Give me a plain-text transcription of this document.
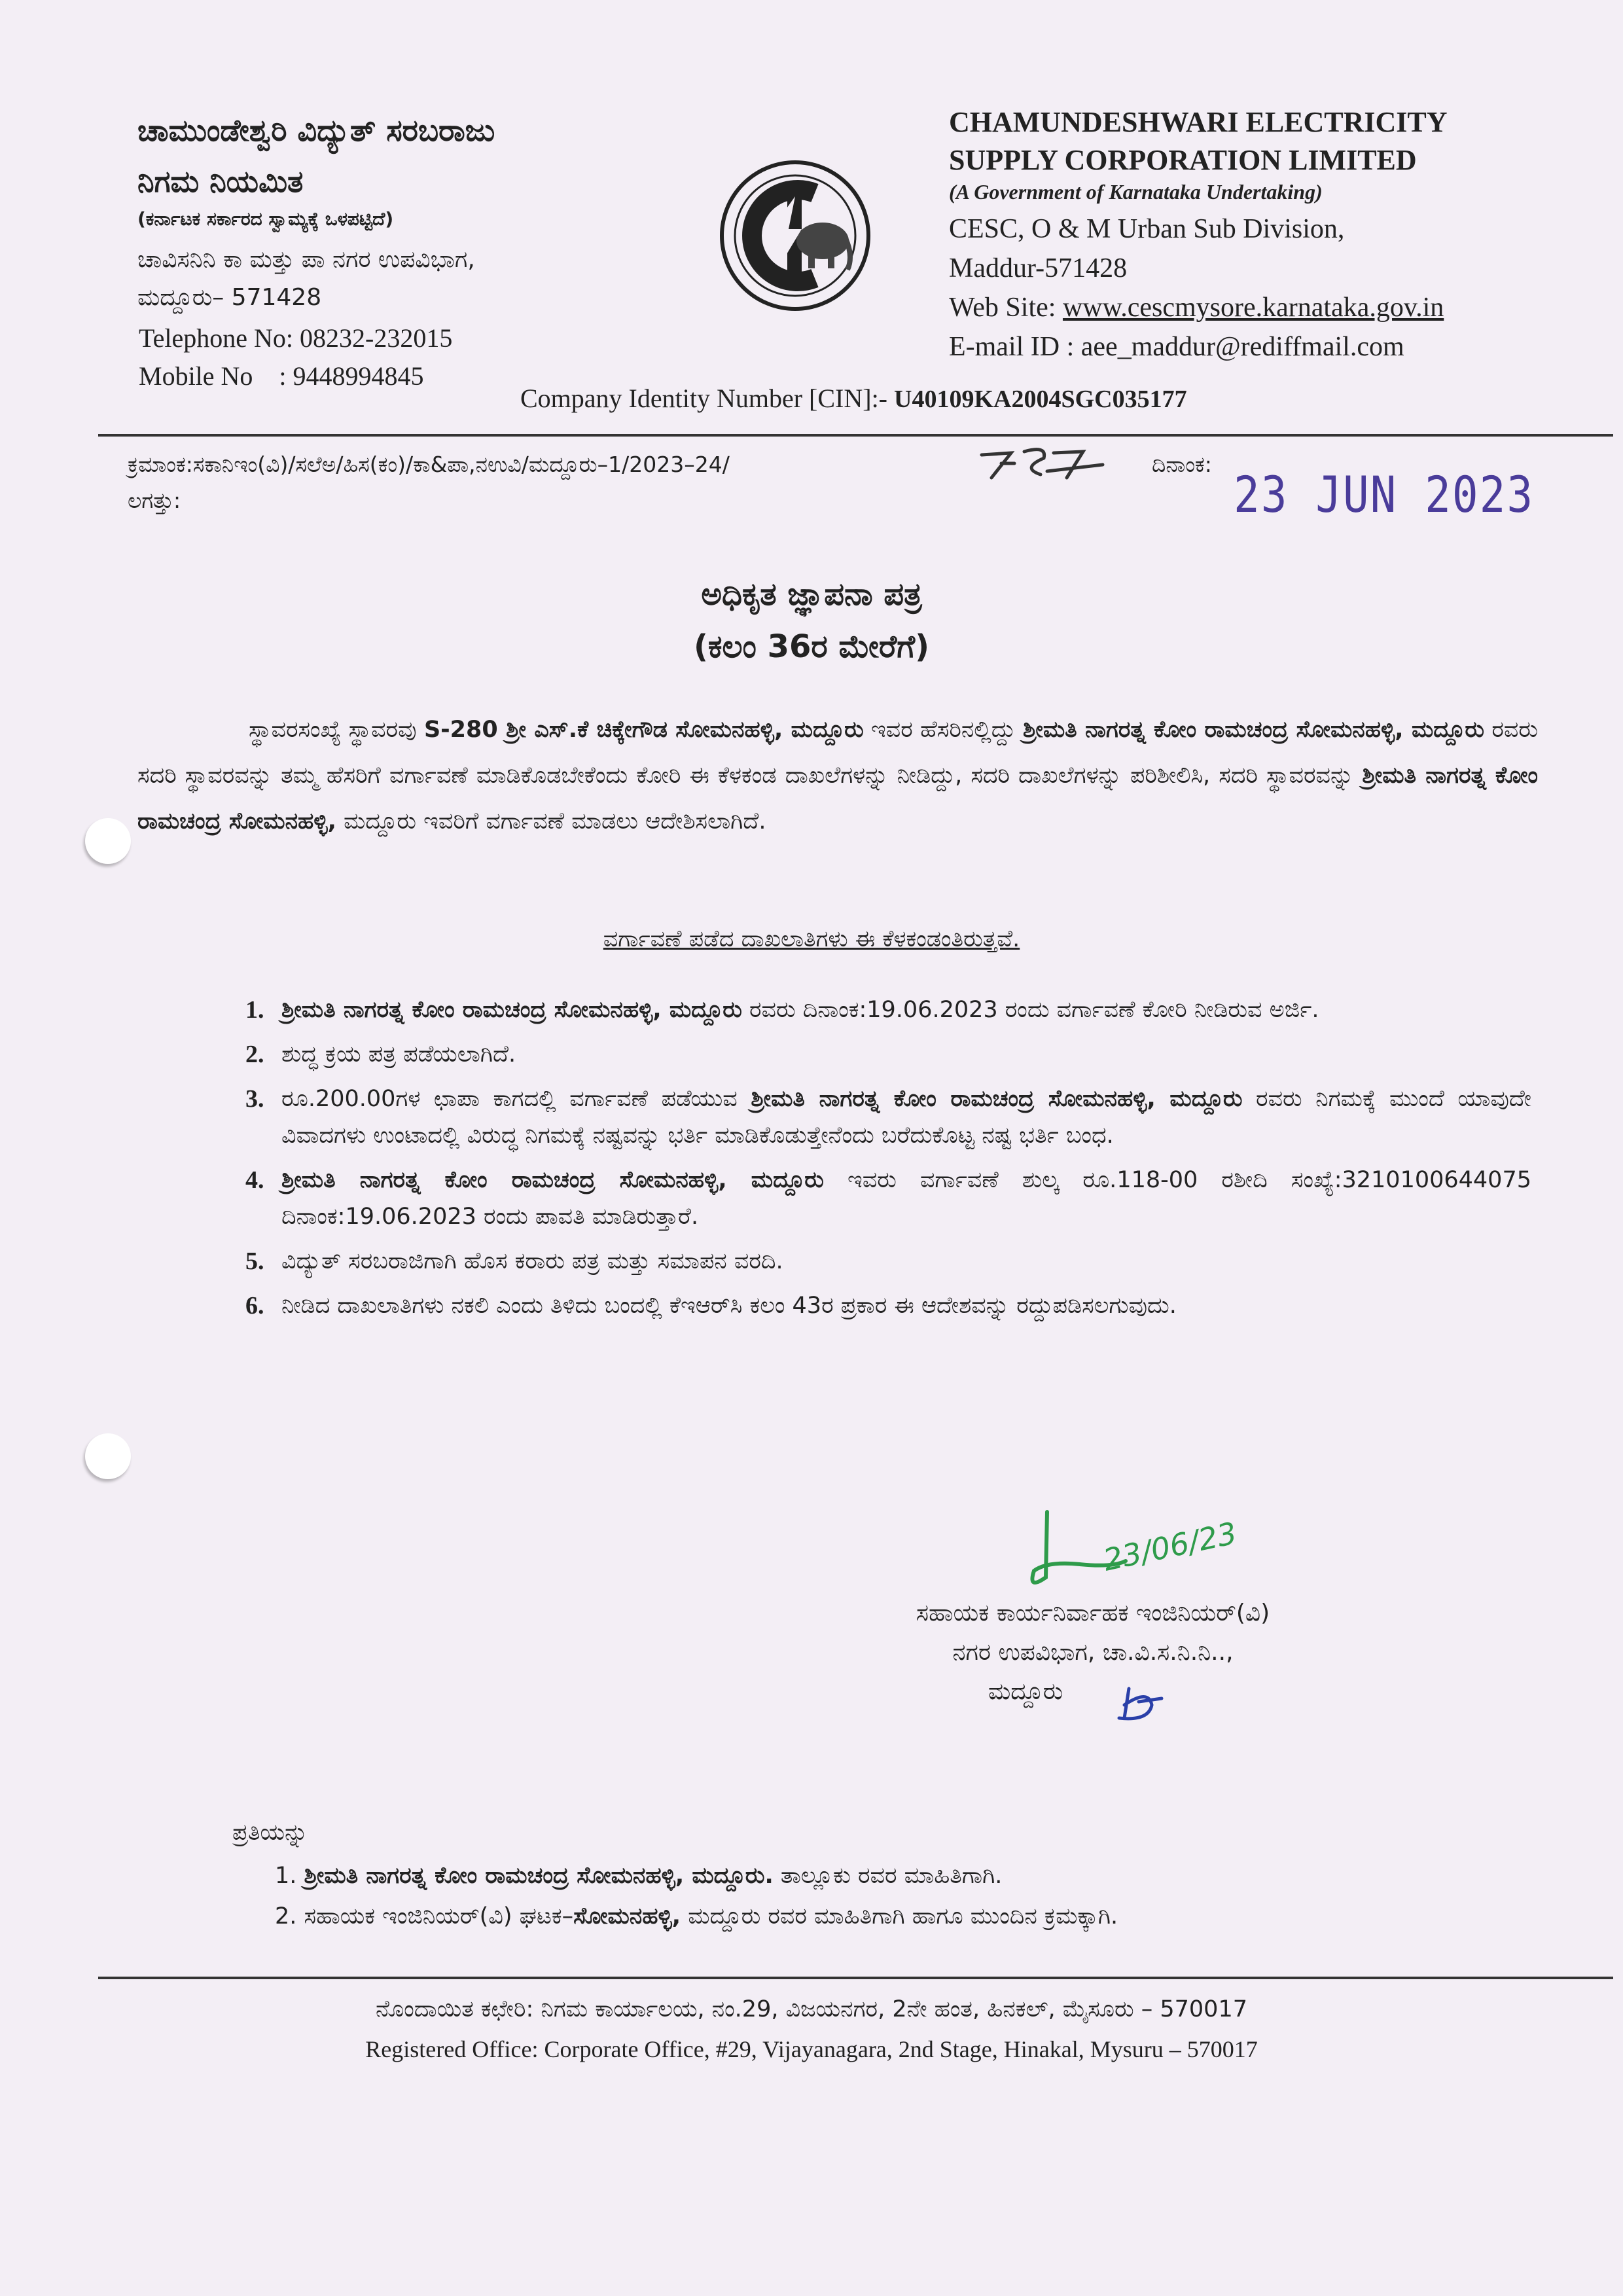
ಚಾಮುಂಡೇಶ್ವರಿ ವಿದ್ಯುತ್ ಸರಬರಾಜು
ನಿಗಮ ನಿಯಮಿತ
(ಕರ್ನಾಟಕ ಸರ್ಕಾರದ ಸ್ವಾಮ್ಯಕ್ಕೆ ಒಳಪಟ್ಟಿದೆ)
ಚಾವಿಸನಿನಿ ಕಾ ಮತ್ತು ಪಾ ನಗರ ಉಪವಿಭಾಗ,
ಮದ್ದೂರು– 571428
Telephone No: 08232-232015
Mobile No    : 9448994845
CHAMUNDESHWARI ELECTRICITY
SUPPLY CORPORATION LIMITED
(A Government of Karnataka Undertaking)
CESC, O & M Urban Sub Division,
Maddur-571428
Web Site: www.cescmysore.karnataka.gov.in
E-mail ID : aee_maddur@rediffmail.com
Company Identity Number [CIN]:- U40109KA2004SGC035177
ಕ್ರಮಾಂಕ:ಸಕಾನಿಇಂ(ವಿ)/ಸಲೆಅ/ಹಿಸ(ಕಂ)/ಕಾ&ಪಾ,ನಉವಿ/ಮದ್ದೂರು–1/2023–24/
ಲಗತ್ತು:
ದಿನಾಂಕ:
23 JUN 2023
ಅಧಿಕೃತ ಜ್ಞಾಪನಾ ಪತ್ರ
(ಕಲಂ 36ರ ಮೇರೆಗೆ)
ಸ್ಥಾವರಸಂಖ್ಯೆ ಸ್ಥಾವರವು S-280 ಶ್ರೀ ಎಸ್.ಕೆ ಚಿಕ್ಕೇಗೌಡ ಸೋಮನಹಳ್ಳಿ, ಮದ್ದೂರು ಇವರ ಹೆಸರಿನಲ್ಲಿದ್ದು ಶ್ರೀಮತಿ ನಾಗರತ್ನ ಕೋಂ ರಾಮಚಂದ್ರ ಸೋಮನಹಳ್ಳಿ, ಮದ್ದೂರು ರವರು ಸದರಿ ಸ್ಥಾವರವನ್ನು ತಮ್ಮ ಹೆಸರಿಗೆ ವರ್ಗಾವಣೆ ಮಾಡಿಕೊಡಬೇಕೆಂದು ಕೋರಿ ಈ ಕೆಳಕಂಡ ದಾಖಲೆಗಳನ್ನು ನೀಡಿದ್ದು, ಸದರಿ ದಾಖಲೆಗಳನ್ನು ಪರಿಶೀಲಿಸಿ, ಸದರಿ ಸ್ಥಾವರವನ್ನು ಶ್ರೀಮತಿ ನಾಗರತ್ನ ಕೋಂ ರಾಮಚಂದ್ರ ಸೋಮನಹಳ್ಳಿ, ಮದ್ದೂರು ಇವರಿಗೆ ವರ್ಗಾವಣೆ ಮಾಡಲು ಆದೇಶಿಸಲಾಗಿದೆ.
ವರ್ಗಾವಣೆ ಪಡೆದ ದಾಖಲಾತಿಗಳು ಈ ಕೆಳಕಂಡಂತಿರುತ್ತವೆ.
1. ಶ್ರೀಮತಿ ನಾಗರತ್ನ ಕೋಂ ರಾಮಚಂದ್ರ ಸೋಮನಹಳ್ಳಿ, ಮದ್ದೂರು ರವರು ದಿನಾಂಕ:19.06.2023 ರಂದು ವರ್ಗಾವಣೆ ಕೋರಿ ನೀಡಿರುವ ಅರ್ಜಿ.
2. ಶುದ್ಧ ಕ್ರಯ ಪತ್ರ ಪಡೆಯಲಾಗಿದೆ.
3. ರೂ.200.00ಗಳ ಛಾಪಾ ಕಾಗದಲ್ಲಿ ವರ್ಗಾವಣೆ ಪಡೆಯುವ ಶ್ರೀಮತಿ ನಾಗರತ್ನ ಕೋಂ ರಾಮಚಂದ್ರ ಸೋಮನಹಳ್ಳಿ, ಮದ್ದೂರು ರವರು ನಿಗಮಕ್ಕೆ ಮುಂದೆ ಯಾವುದೇ ವಿವಾದಗಳು ಉಂಟಾದಲ್ಲಿ ವಿರುದ್ಧ ನಿಗಮಕ್ಕೆ ನಷ್ಟವನ್ನು ಭರ್ತಿ ಮಾಡಿಕೊಡುತ್ತೇನೆಂದು ಬರೆದುಕೊಟ್ಟ ನಷ್ಟ ಭರ್ತಿ ಬಂಧ.
4. ಶ್ರೀಮತಿ ನಾಗರತ್ನ ಕೋಂ ರಾಮಚಂದ್ರ ಸೋಮನಹಳ್ಳಿ, ಮದ್ದೂರು ಇವರು ವರ್ಗಾವಣೆ ಶುಲ್ಕ ರೂ.118-00 ರಶೀದಿ ಸಂಖ್ಯೆ:3210100644075 ದಿನಾಂಕ:19.06.2023 ರಂದು ಪಾವತಿ ಮಾಡಿರುತ್ತಾರೆ.
5. ವಿದ್ಯುತ್ ಸರಬರಾಜಿಗಾಗಿ ಹೊಸ ಕರಾರು ಪತ್ರ ಮತ್ತು ಸಮಾಪನ ವರದಿ.
6. ನೀಡಿದ ದಾಖಲಾತಿಗಳು ನಕಲಿ ಎಂದು ತಿಳಿದು ಬಂದಲ್ಲಿ ಕೆಇಆರ್‌ಸಿ ಕಲಂ 43ರ ಪ್ರಕಾರ ಈ ಆದೇಶವನ್ನು ರದ್ದುಪಡಿಸಲಗುವುದು.
23/06/23
ಸಹಾಯಕ ಕಾರ್ಯನಿರ್ವಾಹಕ ಇಂಜಿನಿಯರ್(ವಿ)
ನಗರ ಉಪವಿಭಾಗ, ಚಾ.ವಿ.ಸ.ನಿ.ನಿ..,
ಮದ್ದೂರು
ಪ್ರತಿಯನ್ನು
1. ಶ್ರೀಮತಿ ನಾಗರತ್ನ ಕೋಂ ರಾಮಚಂದ್ರ ಸೋಮನಹಳ್ಳಿ, ಮದ್ದೂರು. ತಾಲ್ಲೂಕು ರವರ ಮಾಹಿತಿಗಾಗಿ.
2. ಸಹಾಯಕ ಇಂಜಿನಿಯರ್(ವಿ) ಘಟಕ–ಸೋಮನಹಳ್ಳಿ, ಮದ್ದೂರು ರವರ ಮಾಹಿತಿಗಾಗಿ ಹಾಗೂ ಮುಂದಿನ ಕ್ರಮಕ್ಕಾಗಿ.
ನೊಂದಾಯಿತ ಕಛೇರಿ: ನಿಗಮ ಕಾರ್ಯಾಲಯ, ನಂ.29, ವಿಜಯನಗರ, 2ನೇ ಹಂತ, ಹಿನಕಲ್, ಮೈಸೂರು – 570017
Registered Office: Corporate Office, #29, Vijayanagara, 2nd Stage, Hinakal, Mysuru – 570017
